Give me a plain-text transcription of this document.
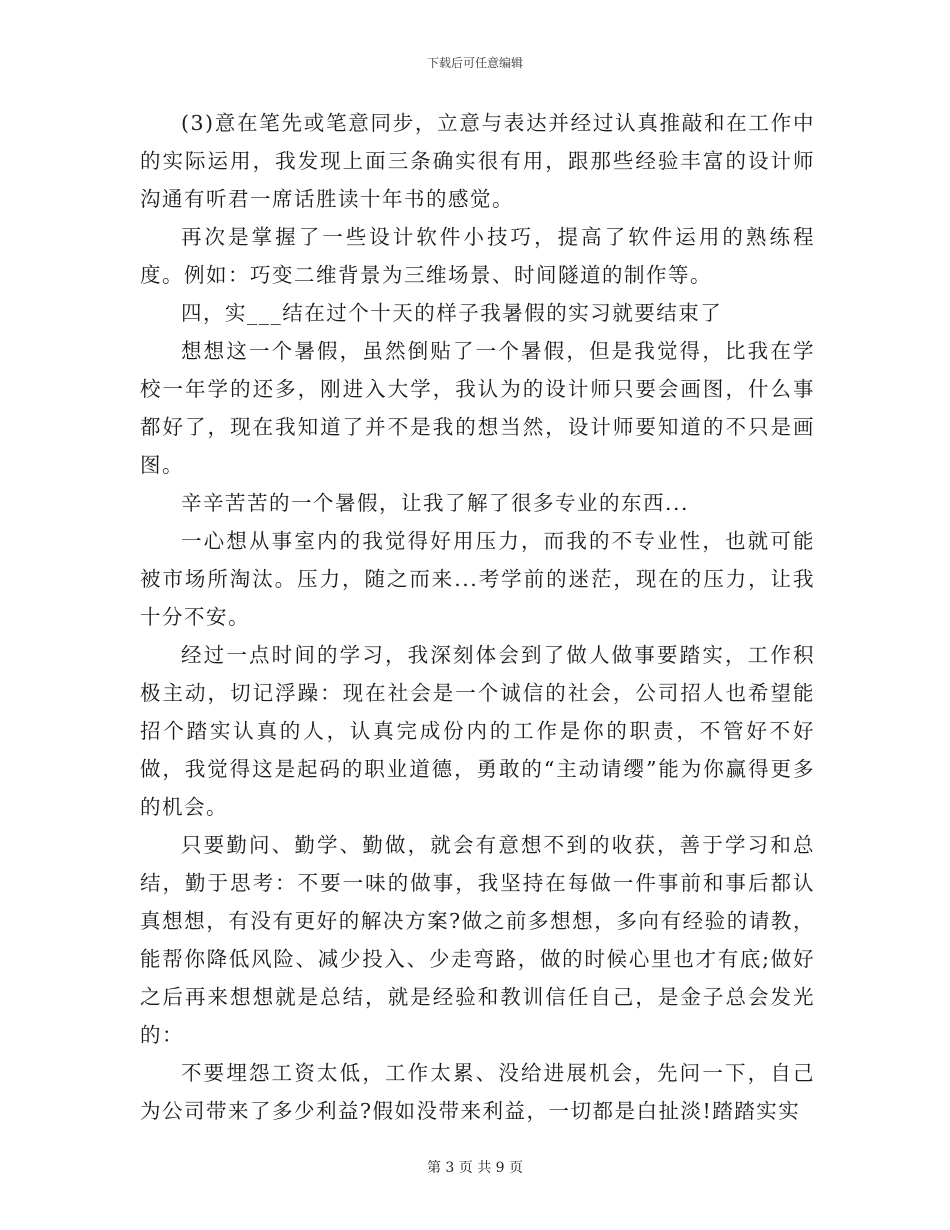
下载后可任意编辑

(3)意在笔先或笔意同步，立意与表达并经过认真推敲和在工作中的实际运用，我发现上面三条确实很有用，跟那些经验丰富的设计师沟通有听君一席话胜读十年书的感觉。

再次是掌握了一些设计软件小技巧，提高了软件运用的熟练程度。例如：巧变二维背景为三维场景、时间隧道的制作等。

四，实___结在过个十天的样子我暑假的实习就要结束了

想想这一个暑假，虽然倒贴了一个暑假，但是我觉得，比我在学校一年学的还多，刚进入大学，我认为的设计师只要会画图，什么事都好了，现在我知道了并不是我的想当然，设计师要知道的不只是画图。

辛辛苦苦的一个暑假，让我了解了很多专业的东西...

一心想从事室内的我觉得好用压力，而我的不专业性，也就可能被市场所淘汰。压力，随之而来...考学前的迷茫，现在的压力，让我十分不安。

经过一点时间的学习，我深刻体会到了做人做事要踏实，工作积极主动，切记浮躁：现在社会是一个诚信的社会，公司招人也希望能招个踏实认真的人，认真完成份内的工作是你的职责，不管好不好做，我觉得这是起码的职业道德，勇敢的“主动请缨”能为你赢得更多的机会。

只要勤问、勤学、勤做，就会有意想不到的收获，善于学习和总结，勤于思考：不要一味的做事，我坚持在每做一件事前和事后都认真想想，有没有更好的解决方案?做之前多想想，多向有经验的请教，能帮你降低风险、减少投入、少走弯路，做的时候心里也才有底;做好之后再来想想就是总结，就是经验和教训信任自己，是金子总会发光的：

不要埋怨工资太低，工作太累、没给进展机会，先问一下，自己为公司带来了多少利益?假如没带来利益，一切都是白扯淡!踏踏实实

第 3 页 共 9 页
